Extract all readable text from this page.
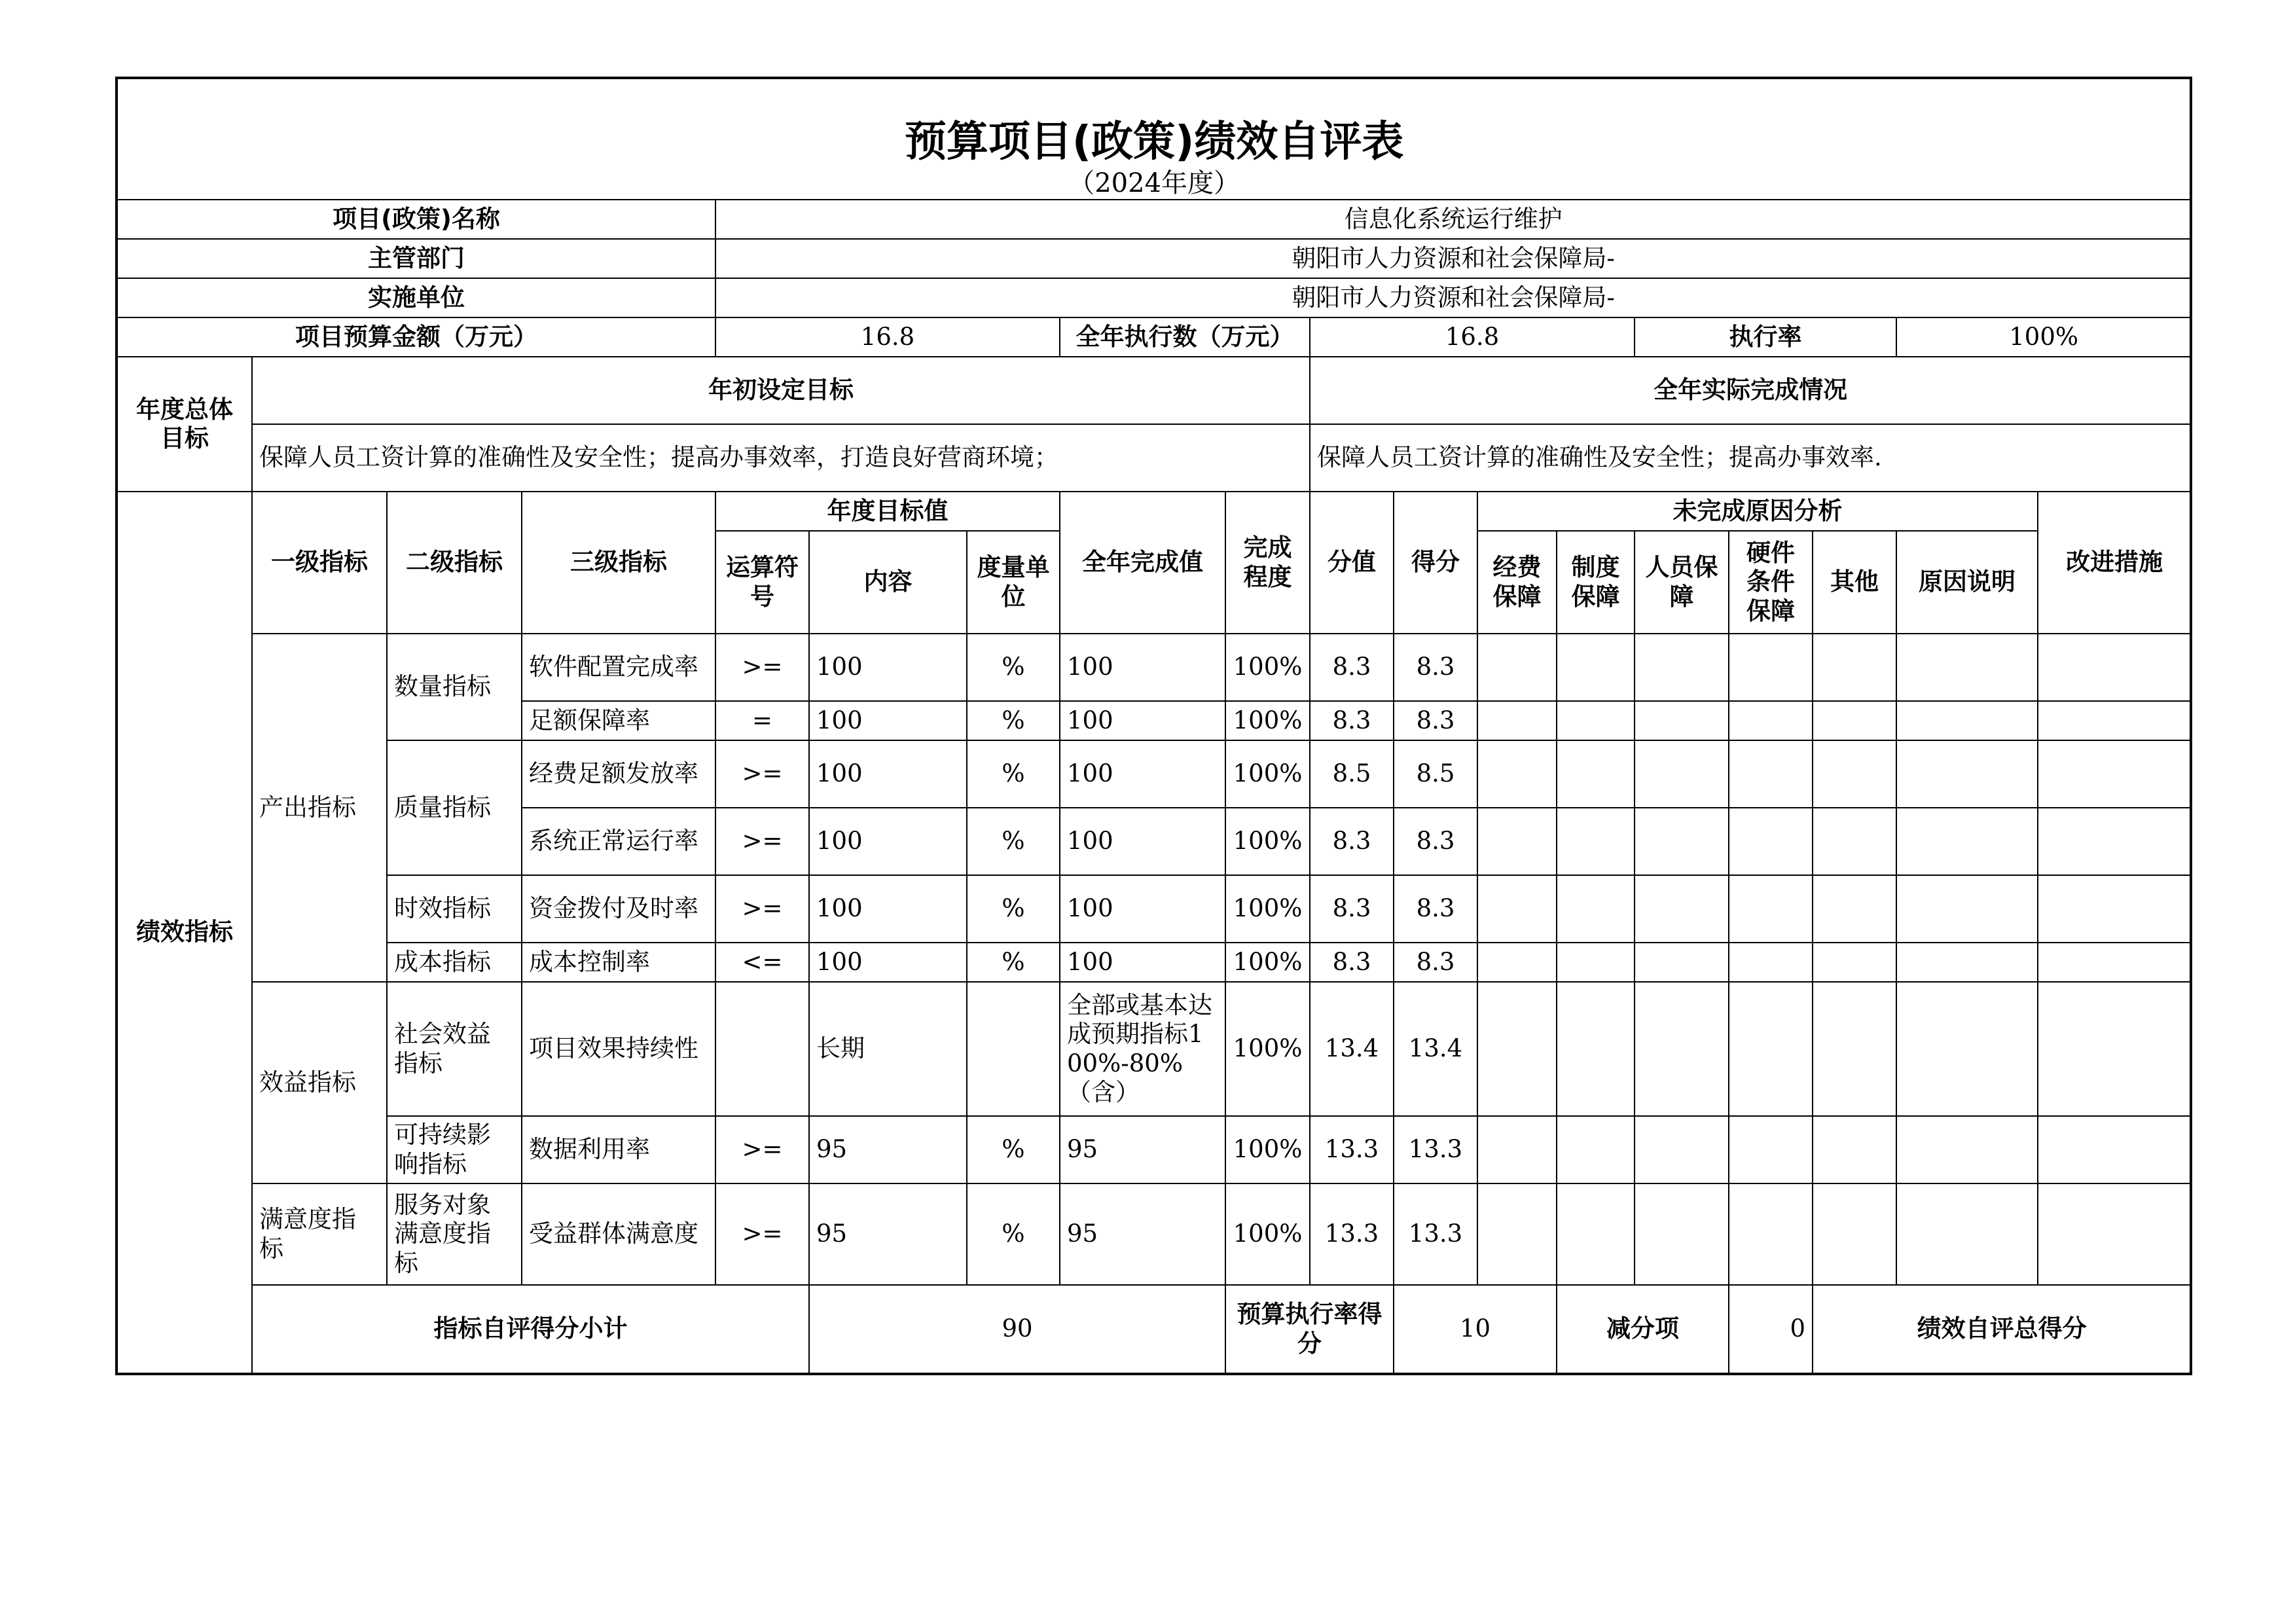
预算项目(政策)绩效自评表																		
（2024年度）																		
项目(政策)名称				信息化系统运行维护														
主管部门				朝阳市人力资源和社会保障局-														
实施单位				朝阳市人力资源和社会保障局-														
项目预算金额（万元）				16.8			全年执行数（万元）		16.8				执行率			100%		
年度总体目标	年初设定目标								全年实际完成情况									
	保障人员工资计算的准确性及安全性；提高办事效率，打造良好营商环境；								保障人员工资计算的准确性及安全性；提高办事效率.									
绩效指标	一级指标	二级指标	三级指标	年度目标值			全年完成值	完成程度	分值	得分	未完成原因分析						改进措施	
				运算符号	内容	度量单位					经费保障	制度保障	人员保障	硬件条件保障	其他	原因说明		
	产出指标	数量指标	软件配置完成率	>=	100	%	100	100%	8.3	8.3								
			足额保障率	=	100	%	100	100%	8.3	8.3								
		质量指标	经费足额发放率	>=	100	%	100	100%	8.5	8.5								
			系统正常运行率	>=	100	%	100	100%	8.3	8.3								
		时效指标	资金拨付及时率	>=	100	%	100	100%	8.3	8.3								
		成本指标	成本控制率	<=	100	%	100	100%	8.3	8.3								
	效益指标	社会效益指标	项目效果持续性		长期		全部或基本达成预期指标100%-80%（含）	100%	13.4	13.4								
		可持续影响指标	数据利用率	>=	95	%	95	100%	13.3	13.3								
	满意度指标	服务对象满意度指标	受益群体满意度	>=	95	%	95	100%	13.3	13.3								
	指标自评得分小计				90			预算执行率得分		10		减分项		0	绩效自评总得分	
